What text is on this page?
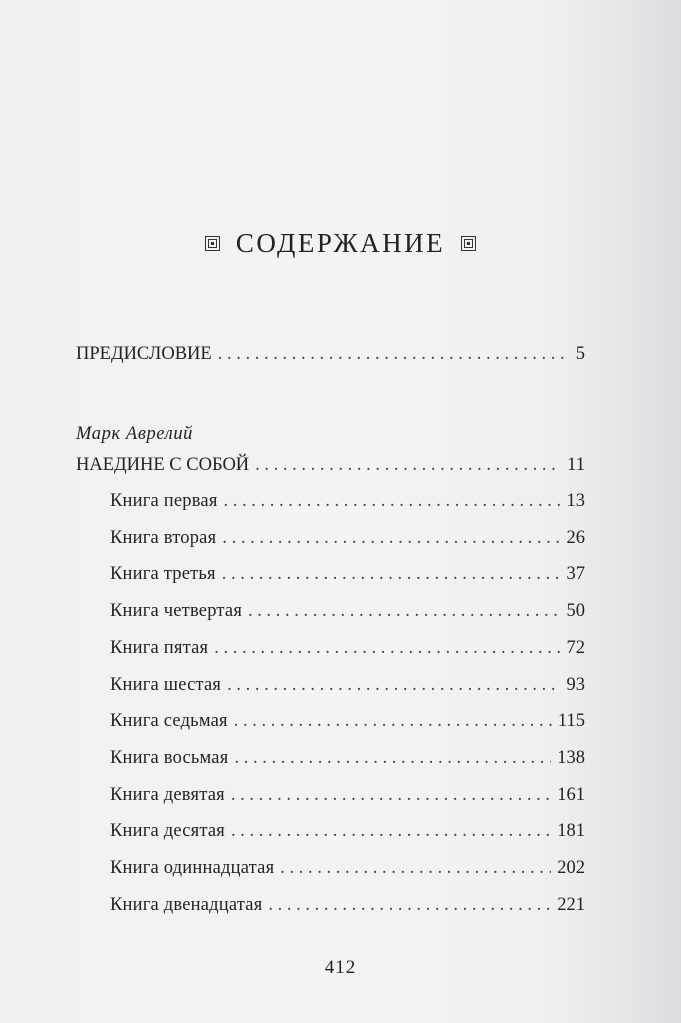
СОДЕРЖАНИЕ
ПРЕДИСЛОВИЕ . . .	5
Марк Аврелий
НАЕДИНЕ С СОБОЙ . . .	11
Книга первая . . .	13
Книга вторая . . .	26
Книга третья . . .	37
Книга четвертая . . .	50
Книга пятая . . .	72
Книга шестая . . .	93
Книга седьмая . . .	115
Книга восьмая . . .	138
Книга девятая . . .	161
Книга десятая . . .	181
Книга одиннадцатая . . .	202
Книга двенадцатая . . .	221
412
